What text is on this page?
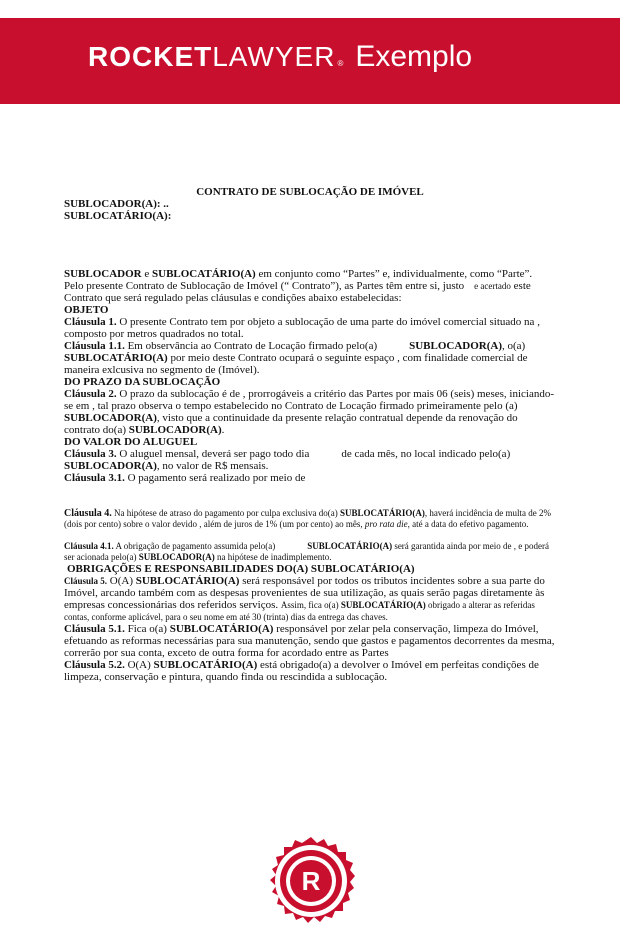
ROCKET LAWYER ® Exemplo

CONTRATO DE SUBLOCAÇÃO DE IMÓVEL

SUBLOCADOR(A): ..

SUBLOCATÁRIO(A):

SUBLOCADOR e SUBLOCATÁRIO(A) em conjunto como “Partes” e, individualmente, como “Parte”.

Pelo presente Contrato de Sublocação de Imóvel (“ Contrato”), as Partes têm entre si, justo e acertado este Contrato que será regulado pelas cláusulas e condições abaixo estabelecidas:

OBJETO

Cláusula 1. O presente Contrato tem por objeto a sublocação de uma parte do imóvel comercial situado na , composto por metros quadrados no total.

Cláusula 1.1. Em observância ao Contrato de Locação firmado pelo(a)	SUBLOCADOR(A), o(a) SUBLOCATÁRIO(A) por meio deste Contrato ocupará o seguinte espaço , com finalidade comercial de maneira exlcusiva no segmento de (Imóvel).

DO PRAZO DA SUBLOCAÇÃO

Cláusula 2. O prazo da sublocação é de , prorrogáveis a critério das Partes por mais 06 (seis) meses, iniciando-se em , tal prazo observa o tempo estabelecido no Contrato de Locação firmado primeiramente pelo (a) SUBLOCADOR(A), visto que a continuidade da presente relação contratual depende da renovação do contrato do(a) SUBLOCADOR(A).

DO VALOR DO ALUGUEL

Cláusula 3. O aluguel mensal, deverá ser pago todo dia	de cada mês, no local indicado pelo(a) SUBLOCADOR(A), no valor de R$ mensais.

Cláusula 3.1. O pagamento será realizado por meio de

Cláusula 4. Na hipótese de atraso do pagamento por culpa exclusiva do(a) SUBLOCATÁRIO(A), haverá incidência de multa de 2% (dois por cento) sobre o valor devido , além de juros de 1% (um por cento) ao mês, pro rata die, até a data do efetivo pagamento.

Cláusula 4.1. A obrigação de pagamento assumida pelo(a)	SUBLOCATÁRIO(A) será garantida ainda por meio de , e poderá ser acionada pelo(a) SUBLOCADOR(A) na hipótese de inadimplemento.

OBRIGAÇÕES E RESPONSABILIDADES DO(A) SUBLOCATÁRIO(A)

Cláusula 5. O(A) SUBLOCATÁRIO(A) será responsável por todos os tributos incidentes sobre a sua parte do Imóvel, arcando também com as despesas provenientes de sua utilização, as quais serão pagas diretamente às empresas concessionárias dos referidos serviços. Assim, fica o(a) SUBLOCATÁRIO(A) obrigado a alterar as referidas contas, conforme aplicável, para o seu nome em até 30 (trinta) dias da entrega das chaves.

Cláusula 5.1. Fica o(a) SUBLOCATÁRIO(A) responsável por zelar pela conservação, limpeza do Imóvel, efetuando as reformas necessárias para sua manutenção, sendo que gastos e pagamentos decorrentes da mesma, correrão por sua conta, exceto de outra forma for acordado entre as Partes

Cláusula 5.2. O(A) SUBLOCATÁRIO(A) está obrigado(a) a devolver o Imóvel em perfeitas condições de limpeza, conservação e pintura, quando finda ou rescindida a sublocação.

R
